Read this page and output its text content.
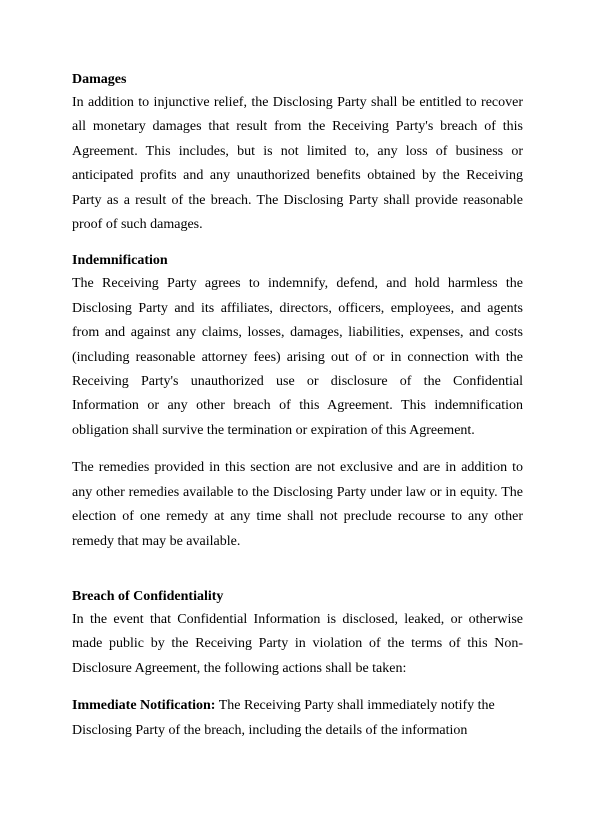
Damages

In addition to injunctive relief, the Disclosing Party shall be entitled to recover all monetary damages that result from the Receiving Party's breach of this Agreement. This includes, but is not limited to, any loss of business or anticipated profits and any unauthorized benefits obtained by the Receiving Party as a result of the breach. The Disclosing Party shall provide reasonable proof of such damages.

Indemnification

The Receiving Party agrees to indemnify, defend, and hold harmless the Disclosing Party and its affiliates, directors, officers, employees, and agents from and against any claims, losses, damages, liabilities, expenses, and costs (including reasonable attorney fees) arising out of or in connection with the Receiving Party's unauthorized use or disclosure of the Confidential Information or any other breach of this Agreement. This indemnification obligation shall survive the termination or expiration of this Agreement.

The remedies provided in this section are not exclusive and are in addition to any other remedies available to the Disclosing Party under law or in equity. The election of one remedy at any time shall not preclude recourse to any other remedy that may be available.

Breach of Confidentiality

In the event that Confidential Information is disclosed, leaked, or otherwise made public by the Receiving Party in violation of the terms of this Non-Disclosure Agreement, the following actions shall be taken:

Immediate Notification: The Receiving Party shall immediately notify the Disclosing Party of the breach, including the details of the information
